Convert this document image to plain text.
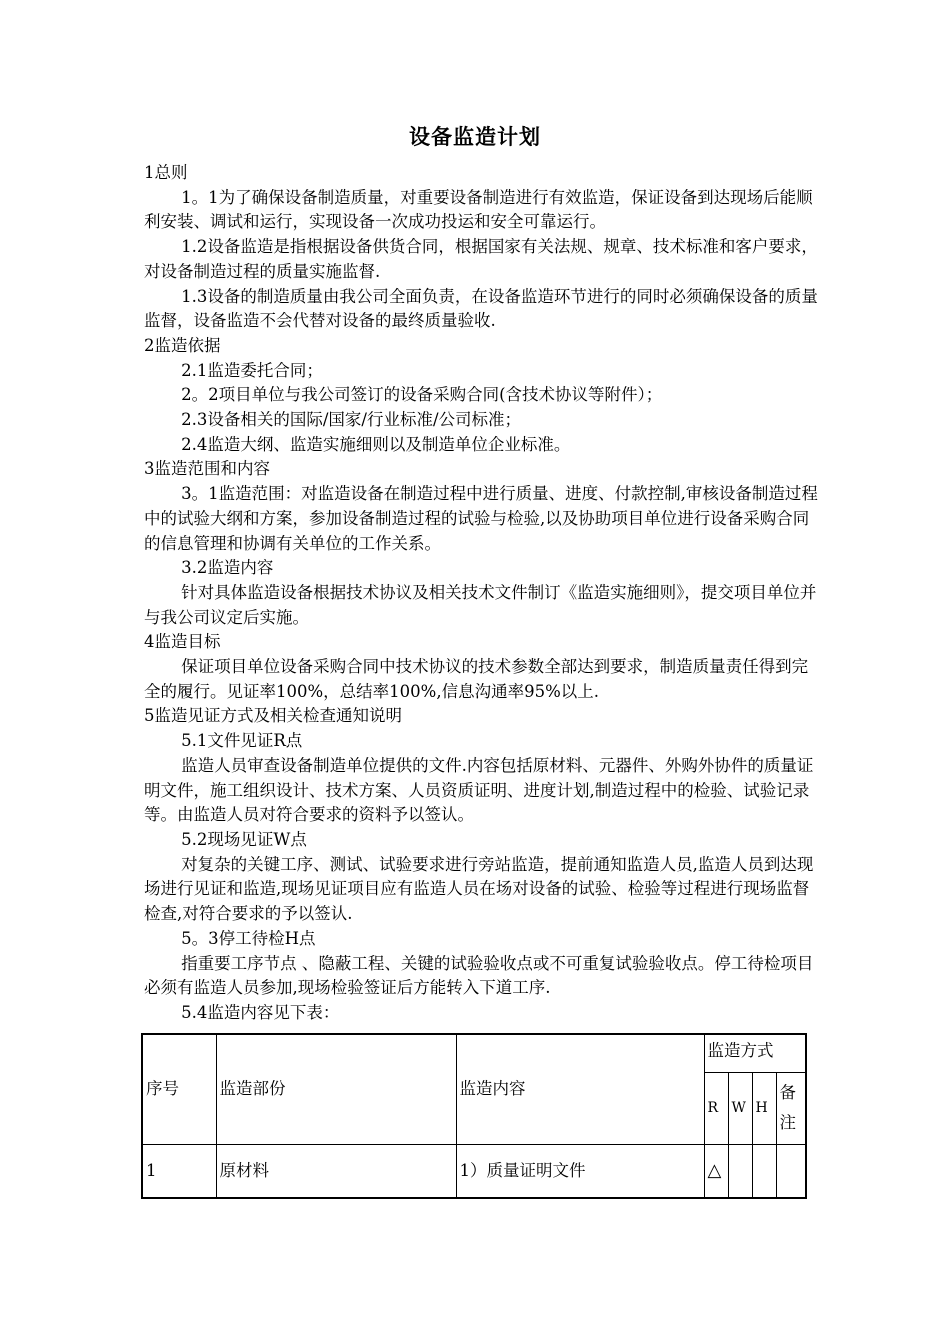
设备监造计划

1总则

1。1为了确保设备制造质量，对重要设备制造进行有效监造，保证设备到达现场后能顺利安装、调试和运行，实现设备一次成功投运和安全可靠运行。

1.2设备监造是指根据设备供货合同，根据国家有关法规、规章、技术标准和客户要求，对设备制造过程的质量实施监督.

1.3设备的制造质量由我公司全面负责，在设备监造环节进行的同时必须确保设备的质量监督，设备监造不会代替对设备的最终质量验收.

2监造依据

2.1监造委托合同；

2。2项目单位与我公司签订的设备采购合同(含技术协议等附件）；

2.3设备相关的国际/国家/行业标准/公司标准；

2.4监造大纲、监造实施细则以及制造单位企业标准。

3监造范围和内容

3。1监造范围：对监造设备在制造过程中进行质量、进度、付款控制,审核设备制造过程中的试验大纲和方案，参加设备制造过程的试验与检验,以及协助项目单位进行设备采购合同的信息管理和协调有关单位的工作关系。

3.2监造内容

针对具体监造设备根据技术协议及相关技术文件制订《监造实施细则》，提交项目单位并与我公司议定后实施。

4监造目标

保证项目单位设备采购合同中技术协议的技术参数全部达到要求，制造质量责任得到完全的履行。见证率100%，总结率100%,信息沟通率95%以上.

5监造见证方式及相关检查通知说明

5.1文件见证R点

监造人员审查设备制造单位提供的文件.内容包括原材料、元器件、外购外协件的质量证明文件，施工组织设计、技术方案、人员资质证明、进度计划,制造过程中的检验、试验记录等。由监造人员对符合要求的资料予以签认。

5.2现场见证W点

对复杂的关键工序、测试、试验要求进行旁站监造，提前通知监造人员,监造人员到达现场进行见证和监造,现场见证项目应有监造人员在场对设备的试验、检验等过程进行现场监督检查,对符合要求的予以签认.

5。3停工待检H点

指重要工序节点 、隐蔽工程、关键的试验验收点或不可重复试验验收点。停工待检项目必须有监造人员参加,现场检验签证后方能转入下道工序.

5.4监造内容见下表：

序号	监造部份	监造内容	监造方式			
			R	W	H	备注
1	原材料	1）质量证明文件	△			
